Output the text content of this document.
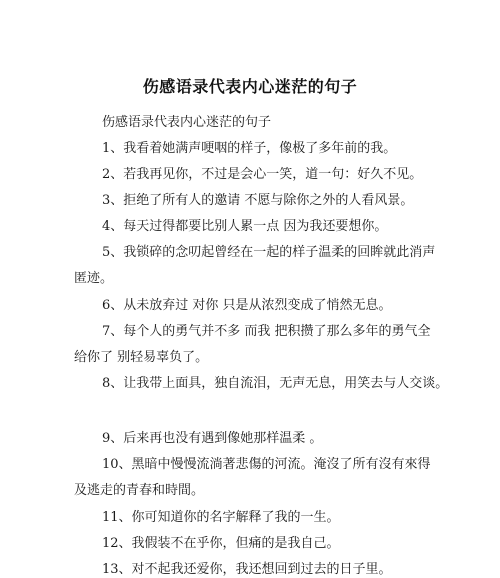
伤感语录代表内心迷茫的句子
伤感语录代表内心迷茫的句子
1、我看着她满声哽咽的样子，像极了多年前的我。
2、若我再见你，不过是会心一笑，道一句：好久不见。
3、拒绝了所有人的邀请 不愿与除你之外的人看风景。
4、每天过得都要比别人累一点 因为我还要想你。
5、我锁碎的念叨起曾经在一起的样子温柔的回眸就此消声
匿迹。
6、从未放弃过 对你 只是从浓烈变成了悄然无息。
7、每个人的勇气并不多 而我 把积攒了那么多年的勇气全
给你了 别轻易辜负了。
8、让我带上面具，独自流泪，无声无息，用笑去与人交谈。
9、后来再也没有遇到像她那样温柔 。
10、黑暗中慢慢流淌著悲傷的河流。淹沒了所有沒有來得
及逃走的青春和時間。
11、你可知道你的名字解释了我的一生。
12、我假装不在乎你，但痛的是我自己。
13、对不起我还爱你，我还想回到过去的日子里。
